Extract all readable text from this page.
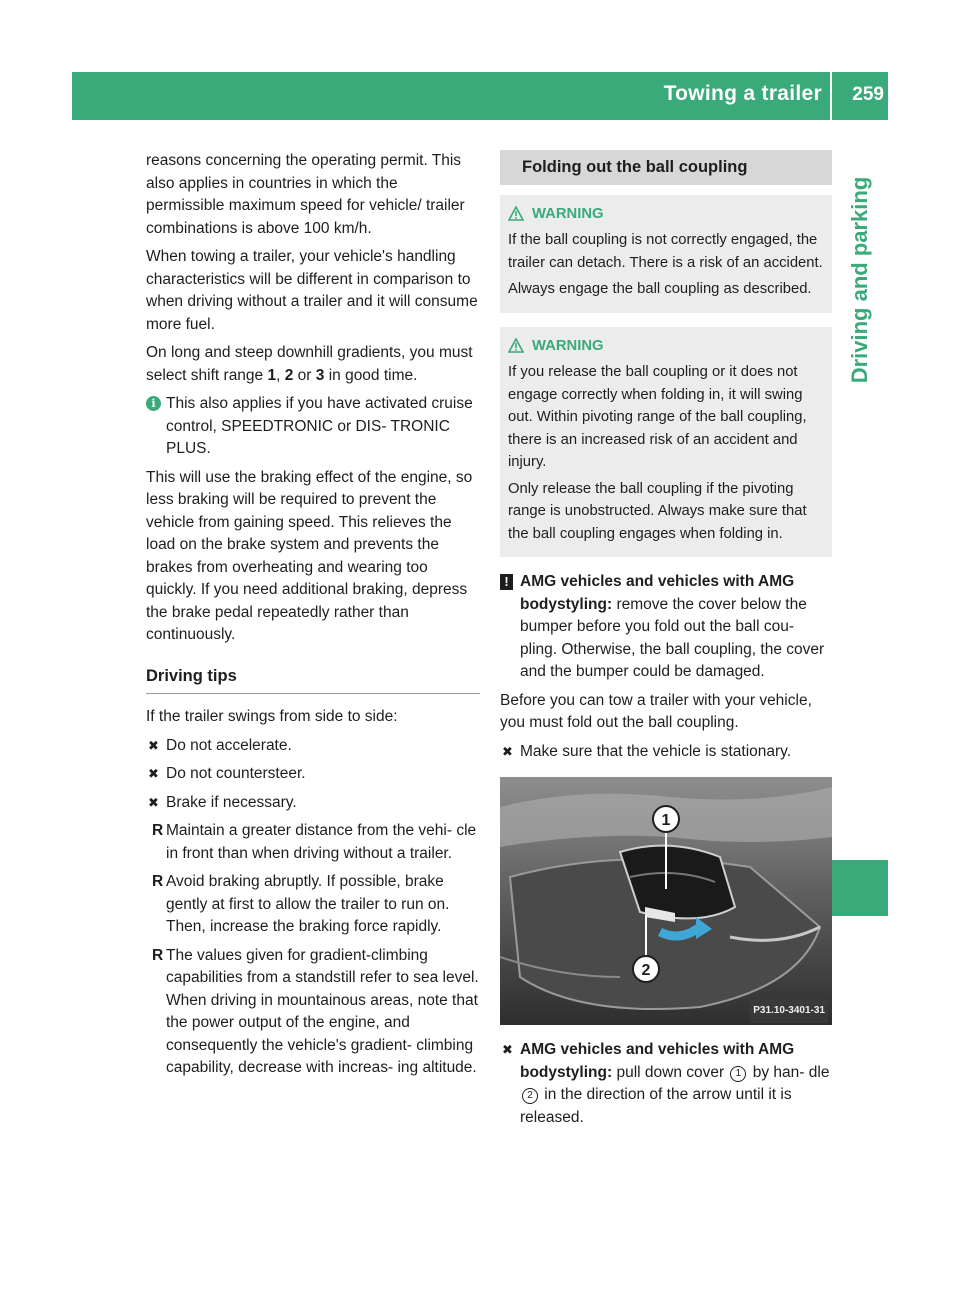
Towing a trailer 259
Driving and parking

reasons concerning the operating permit. This also applies in countries in which the permissible maximum speed for vehicle/ trailer combinations is above 100 km/h.

When towing a trailer, your vehicle's handling characteristics will be different in comparison to when driving without a trailer and it will consume more fuel.

On long and steep downhill gradients, you must select shift range 1, 2 or 3 in good time.

i This also applies if you have activated cruise control, SPEEDTRONIC or DIS- TRONIC PLUS.

This will use the braking effect of the engine, so less braking will be required to prevent the vehicle from gaining speed. This relieves the load on the brake system and prevents the brakes from overheating and wearing too quickly. If you need additional braking, depress the brake pedal repeatedly rather than continuously.

Driving tips

If the trailer swings from side to side:

✖ Do not accelerate.
✖ Do not countersteer.
✖ Brake if necessary.
R Maintain a greater distance from the vehi- cle in front than when driving without a trailer.
R Avoid braking abruptly. If possible, brake gently at first to allow the trailer to run on. Then, increase the braking force rapidly.
R The values given for gradient-climbing capabilities from a standstill refer to sea level. When driving in mountainous areas, note that the power output of the engine, and consequently the vehicle's gradient- climbing capability, decrease with increas- ing altitude.
Folding out the ball coupling
WARNING

If the ball coupling is not correctly engaged, the trailer can detach. There is a risk of an accident.

Always engage the ball coupling as described.

WARNING

If you release the ball coupling or it does not engage correctly when folding in, it will swing out. Within pivoting range of the ball coupling, there is an increased risk of an accident and injury.

Only release the ball coupling if the pivoting range is unobstructed. Always make sure that the ball coupling engages when folding in.

! AMG vehicles and vehicles with AMG bodystyling: remove the cover below the bumper before you fold out the ball cou- pling. Otherwise, the ball coupling, the cover and the bumper could be damaged.

Before you can tow a trailer with your vehicle, you must fold out the ball coupling.

✖ Make sure that the vehicle is stationary.
1
2
P31.10-3401-31
✖ AMG vehicles and vehicles with AMG bodystyling: pull down cover 1 by han- dle 2 in the direction of the arrow until it is released.
